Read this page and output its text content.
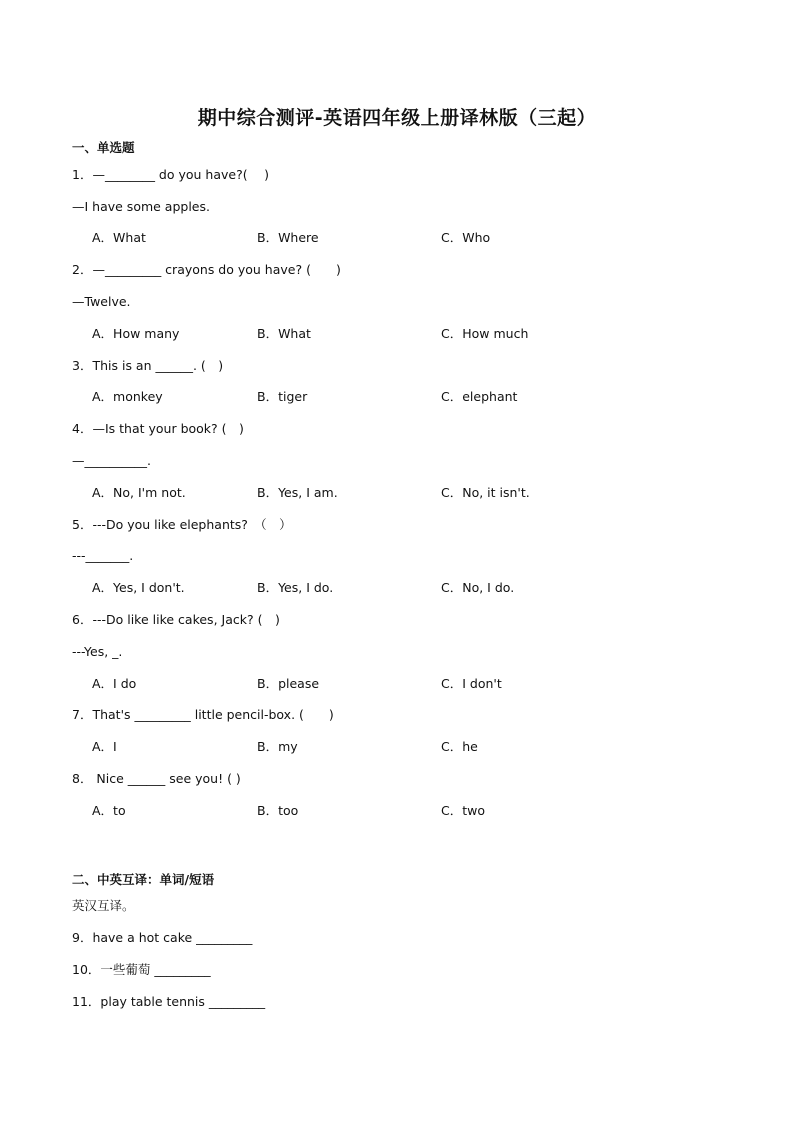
期中综合测评-英语四年级上册译林版（三起）
一、单选题
1．—________ do you have?(　 )
—I have some apples.
A．What	B．Where	C．Who
2．—_________ crayons do you have? (　　)
—Twelve.
A．How many	B．What	C．How much
3．This is an ______. (　)
A．monkey	B．tiger	C．elephant
4．—Is that your book? (　)
—__________.
A．No, I'm not.	B．Yes, I am.	C．No, it isn't.
5．---Do you like elephants?　（　）
---_______.
A．Yes, I don't.	B．Yes, I do.	C．No, I do.
6．---Do like like cakes, Jack? (　)
---Yes, _.
A．I do	B．please	C．I don't
7．That's _________ little pencil-box. (　　)
A．I	B．my	C．he
8． Nice ______ see you! ( )
A．to	B．too	C．two
二、中英互译：单词/短语
英汉互译。
9．have a hot cake _________
10．一些葡萄 _________
11．play table tennis _________
